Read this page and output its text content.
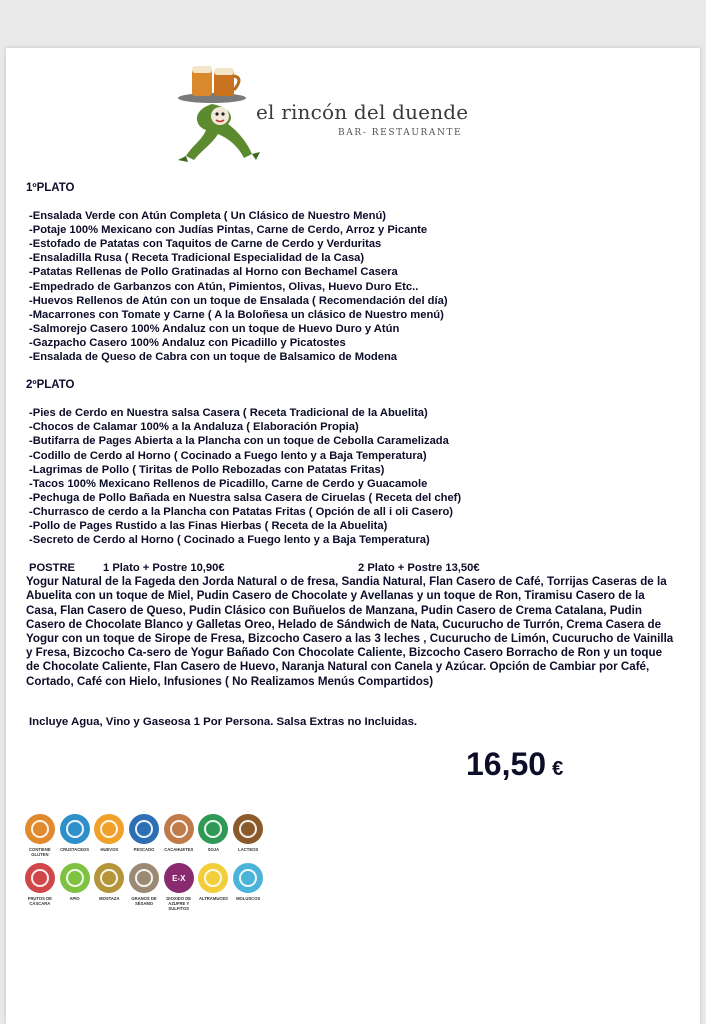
el rincón del duende
BAR- RESTAURANTE
1ºPLATO
-Ensalada Verde con Atún Completa ( Un Clásico de Nuestro Menú)
-Potaje 100% Mexicano con Judías Pintas, Carne de Cerdo, Arroz y Picante
-Estofado de Patatas con Taquitos de Carne de Cerdo y Verduritas
-Ensaladilla Rusa ( Receta Tradicional Especialidad de la Casa)
-Patatas Rellenas de Pollo Gratinadas al Horno con Bechamel Casera
-Empedrado de Garbanzos con Atún, Pimientos, Olivas, Huevo Duro Etc..
-Huevos Rellenos de Atún con un toque de Ensalada ( Recomendación del día)
-Macarrones con Tomate y Carne ( A la Boloñesa un clásico de Nuestro menú)
-Salmorejo Casero 100% Andaluz con un toque de Huevo Duro y Atún
-Gazpacho Casero 100% Andaluz con Picadillo y Picatostes
-Ensalada de Queso de Cabra con un toque de Balsamico de Modena
2ºPLATO
-Pies de Cerdo en Nuestra salsa Casera ( Receta Tradicional de la Abuelita)
-Chocos de Calamar 100% a la Andaluza ( Elaboración Propia)
-Butifarra de Pages Abierta a la Plancha con un toque de Cebolla Caramelizada
-Codillo de Cerdo al Horno ( Cocinado a Fuego lento y a Baja Temperatura)
-Lagrimas de Pollo ( Tiritas de Pollo Rebozadas con Patatas Fritas)
-Tacos 100% Mexicano Rellenos de Picadillo, Carne de Cerdo y Guacamole
-Pechuga de Pollo Bañada en Nuestra salsa Casera de Ciruelas ( Receta del chef)
-Churrasco de cerdo a la Plancha con Patatas Fritas ( Opción de all i oli Casero)
-Pollo de Pages Rustido a las Finas Hierbas ( Receta de la Abuelita)
-Secreto de Cerdo al Horno ( Cocinado a Fuego lento y a Baja Temperatura)
POSTRE 1 Plato + Postre 10,90€	2 Plato + Postre 13,50€
Yogur Natural de la Fageda den Jorda Natural o de fresa, Sandia Natural, Flan Casero de Café, Torrijas Caseras de la Abuelita con un toque de Miel, Pudin Casero de Chocolate y Avellanas y un toque de Ron, Tiramisu Casero de la Casa, Flan Casero de Queso, Pudin Clásico con Buñuelos de Manzana, Pudin Casero de Crema Catalana, Pudin Casero de Chocolate Blanco y Galletas Oreo, Helado de Sándwich de Nata, Cucurucho de Turrón, Crema Casera de Yogur con un toque de Sirope de Fresa, Bizcocho Casero a las 3 leches , Cucurucho de Limón, Cucurucho de Vainilla y Fresa, Bizcocho Ca-sero de Yogur Bañado Con Chocolate Caliente, Bizcocho Casero Borracho de Ron y un toque de Chocolate Caliente, Flan Casero de Huevo, Naranja Natural con Canela y Azúcar. Opción de Cambiar por Café, Cortado, Café con Hielo, Infusiones ( No Realizamos Menús Compartidos)
Incluye Agua, Vino y Gaseosa 1 Por Persona. Salsa Extras no Incluidas.
16,50 €
CONTIENE GLUTEN
CRUSTACEOS	HUEVOS	PESCADO	CACAHUETES	SOJA	LACTEOS
FRUTOS DE CÁSCARA
APIO	MOSTAZA	GRANOS DE SÉSAMO
E-X
DIOXIDO DE AZUFRE Y SULFITOS
ALTRAMUCES	MOLUSCOS
